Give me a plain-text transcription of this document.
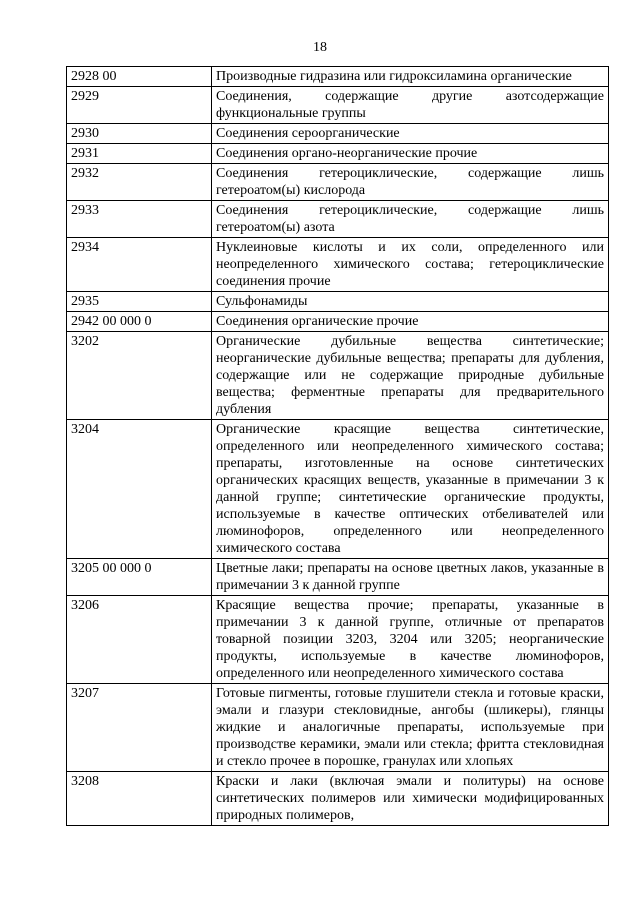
18
2928 00	Производные гидразина или гидроксиламина органические
2929	Соединения, содержащие другие азотсодержащие функциональные группы
2930	Соединения сероорганические
2931	Соединения органо-неорганические прочие
2932	Соединения гетероциклические, содержащие лишь гетероатом(ы) кислорода
2933	Соединения гетероциклические, содержащие лишь гетероатом(ы) азота
2934	Нуклеиновые кислоты и их соли, определенного или неопределенного химического состава; гетероциклические соединения прочие
2935	Сульфонамиды
2942 00 000 0	Соединения органические прочие
3202	Органические дубильные вещества синтетические; неорганические дубильные вещества; препараты для дубления, содержащие или не содержащие природные дубильные вещества; ферментные препараты для предварительного дубления
3204	Органические красящие вещества синтетические, определенного или неопределенного химического состава; препараты, изготовленные на основе синтетических органических красящих веществ, указанные в примечании 3 к данной группе; синтетические органические продукты, используемые в качестве оптических отбеливателей или люминофоров, определенного или неопределенного химического состава
3205 00 000 0	Цветные лаки; препараты на основе цветных лаков, указанные в примечании 3 к данной группе
3206	Красящие вещества прочие; препараты, указанные в примечании 3 к данной группе, отличные от препаратов товарной позиции 3203, 3204 или 3205; неорганические продукты, используемые в качестве люминофоров, определенного или неопределенного химического состава
3207	Готовые пигменты, готовые глушители стекла и готовые краски, эмали и глазури стекловидные, ангобы (шликеры), глянцы жидкие и аналогичные препараты, используемые при производстве керамики, эмали или стекла; фритта стекловидная и стекло прочее в порошке, гранулах или хлопьях
3208	Краски и лаки (включая эмали и политуры) на основе синтетических полимеров или химически модифицированных природных полимеров,
